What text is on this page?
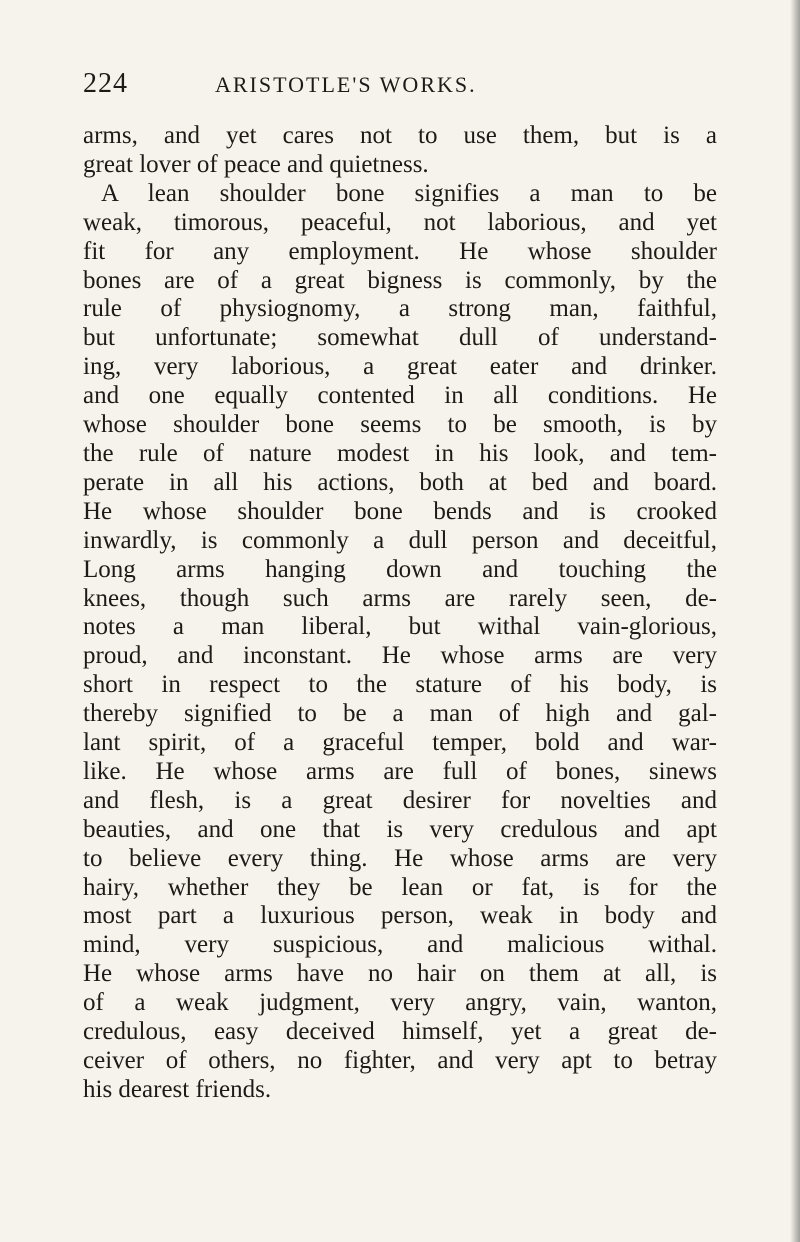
224	ARISTOTLE'S WORKS.
arms, and yet cares not to use them, but is a
great lover of peace and quietness.
A lean shoulder bone signifies a man to be
weak, timorous, peaceful, not laborious, and yet
fit for any employment. He whose shoulder
bones are of a great bigness is commonly, by the
rule of physiognomy, a strong man, faithful,
but unfortunate; somewhat dull of understand-
ing, very laborious, a great eater and drinker.
and one equally contented in all conditions. He
whose shoulder bone seems to be smooth, is by
the rule of nature modest in his look, and tem-
perate in all his actions, both at bed and board.
He whose shoulder bone bends and is crooked
inwardly, is commonly a dull person and deceitful,
Long arms hanging down and touching the
knees, though such arms are rarely seen, de-
notes a man liberal, but withal vain-glorious,
proud, and inconstant. He whose arms are very
short in respect to the stature of his body, is
thereby signified to be a man of high and gal-
lant spirit, of a graceful temper, bold and war-
like. He whose arms are full of bones, sinews
and flesh, is a great desirer for novelties and
beauties, and one that is very credulous and apt
to believe every thing. He whose arms are very
hairy, whether they be lean or fat, is for the
most part a luxurious person, weak in body and
mind, very suspicious, and malicious withal.
He whose arms have no hair on them at all, is
of a weak judgment, very angry, vain, wanton,
credulous, easy deceived himself, yet a great de-
ceiver of others, no fighter, and very apt to betray
his dearest friends.
